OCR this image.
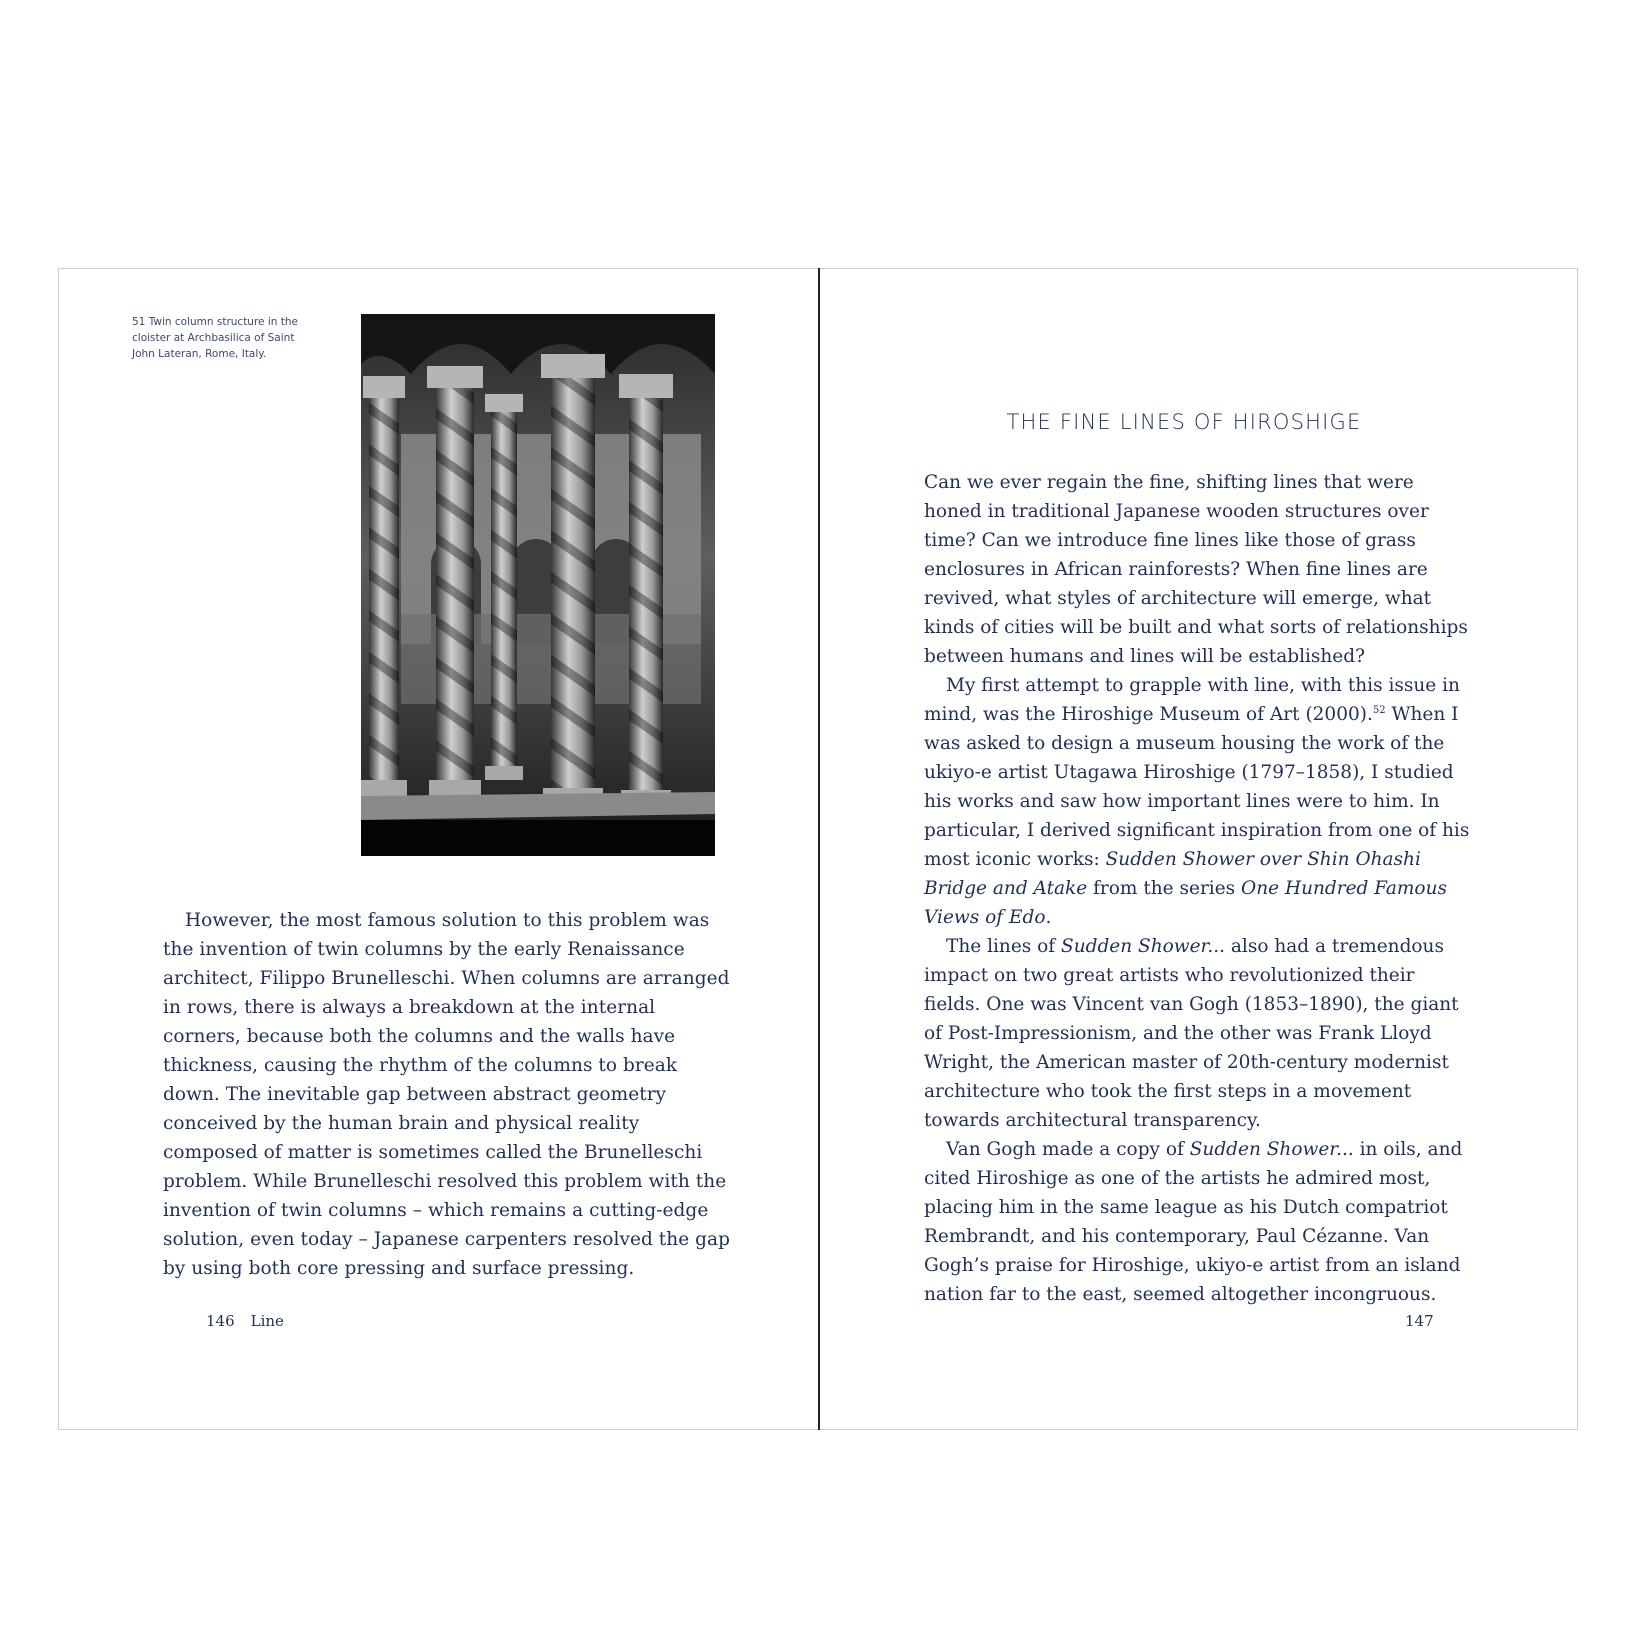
51 Twin column structure in the cloister at Archbasilica of Saint John Lateran, Rome, Italy.

However, the most famous solution to this problem was the invention of twin columns by the early Renaissance architect, Filippo Brunelleschi. When columns are arranged in rows, there is always a breakdown at the internal corners, because both the columns and the walls have thickness, causing the rhythm of the columns to break down. The inevitable gap between abstract geometry conceived by the human brain and physical reality composed of matter is sometimes called the Brunelleschi problem. While Brunelleschi resolved this problem with the invention of twin columns – which remains a cutting-edge solution, even today – Japanese carpenters resolved the gap by using both core pressing and surface pressing.

146 Line
THE FINE LINES OF HIROSHIGE

Can we ever regain the fine, shifting lines that were honed in traditional Japanese wooden structures over time? Can we introduce fine lines like those of grass enclosures in African rainforests? When fine lines are revived, what styles of architecture will emerge, what kinds of cities will be built and what sorts of relationships between humans and lines will be established?

My first attempt to grapple with line, with this issue in mind, was the Hiroshige Museum of Art (2000).$^{52}$ When I was asked to design a museum housing the work of the ukiyo-e artist Utagawa Hiroshige (1797–1858), I studied his works and saw how important lines were to him. In particular, I derived significant inspiration from one of his most iconic works: Sudden Shower over Shin Ohashi Bridge and Atake from the series One Hundred Famous Views of Edo.

The lines of Sudden Shower... also had a tremendous impact on two great artists who revolutionized their fields. One was Vincent van Gogh (1853–1890), the giant of Post-Impressionism, and the other was Frank Lloyd Wright, the American master of 20th-century modernist architecture who took the first steps in a movement towards architectural transparency.

Van Gogh made a copy of Sudden Shower... in oils, and cited Hiroshige as one of the artists he admired most, placing him in the same league as his Dutch compatriot Rembrandt, and his contemporary, Paul Cézanne. Van Gogh’s praise for Hiroshige, ukiyo-e artist from an island nation far to the east, seemed altogether incongruous.

147
